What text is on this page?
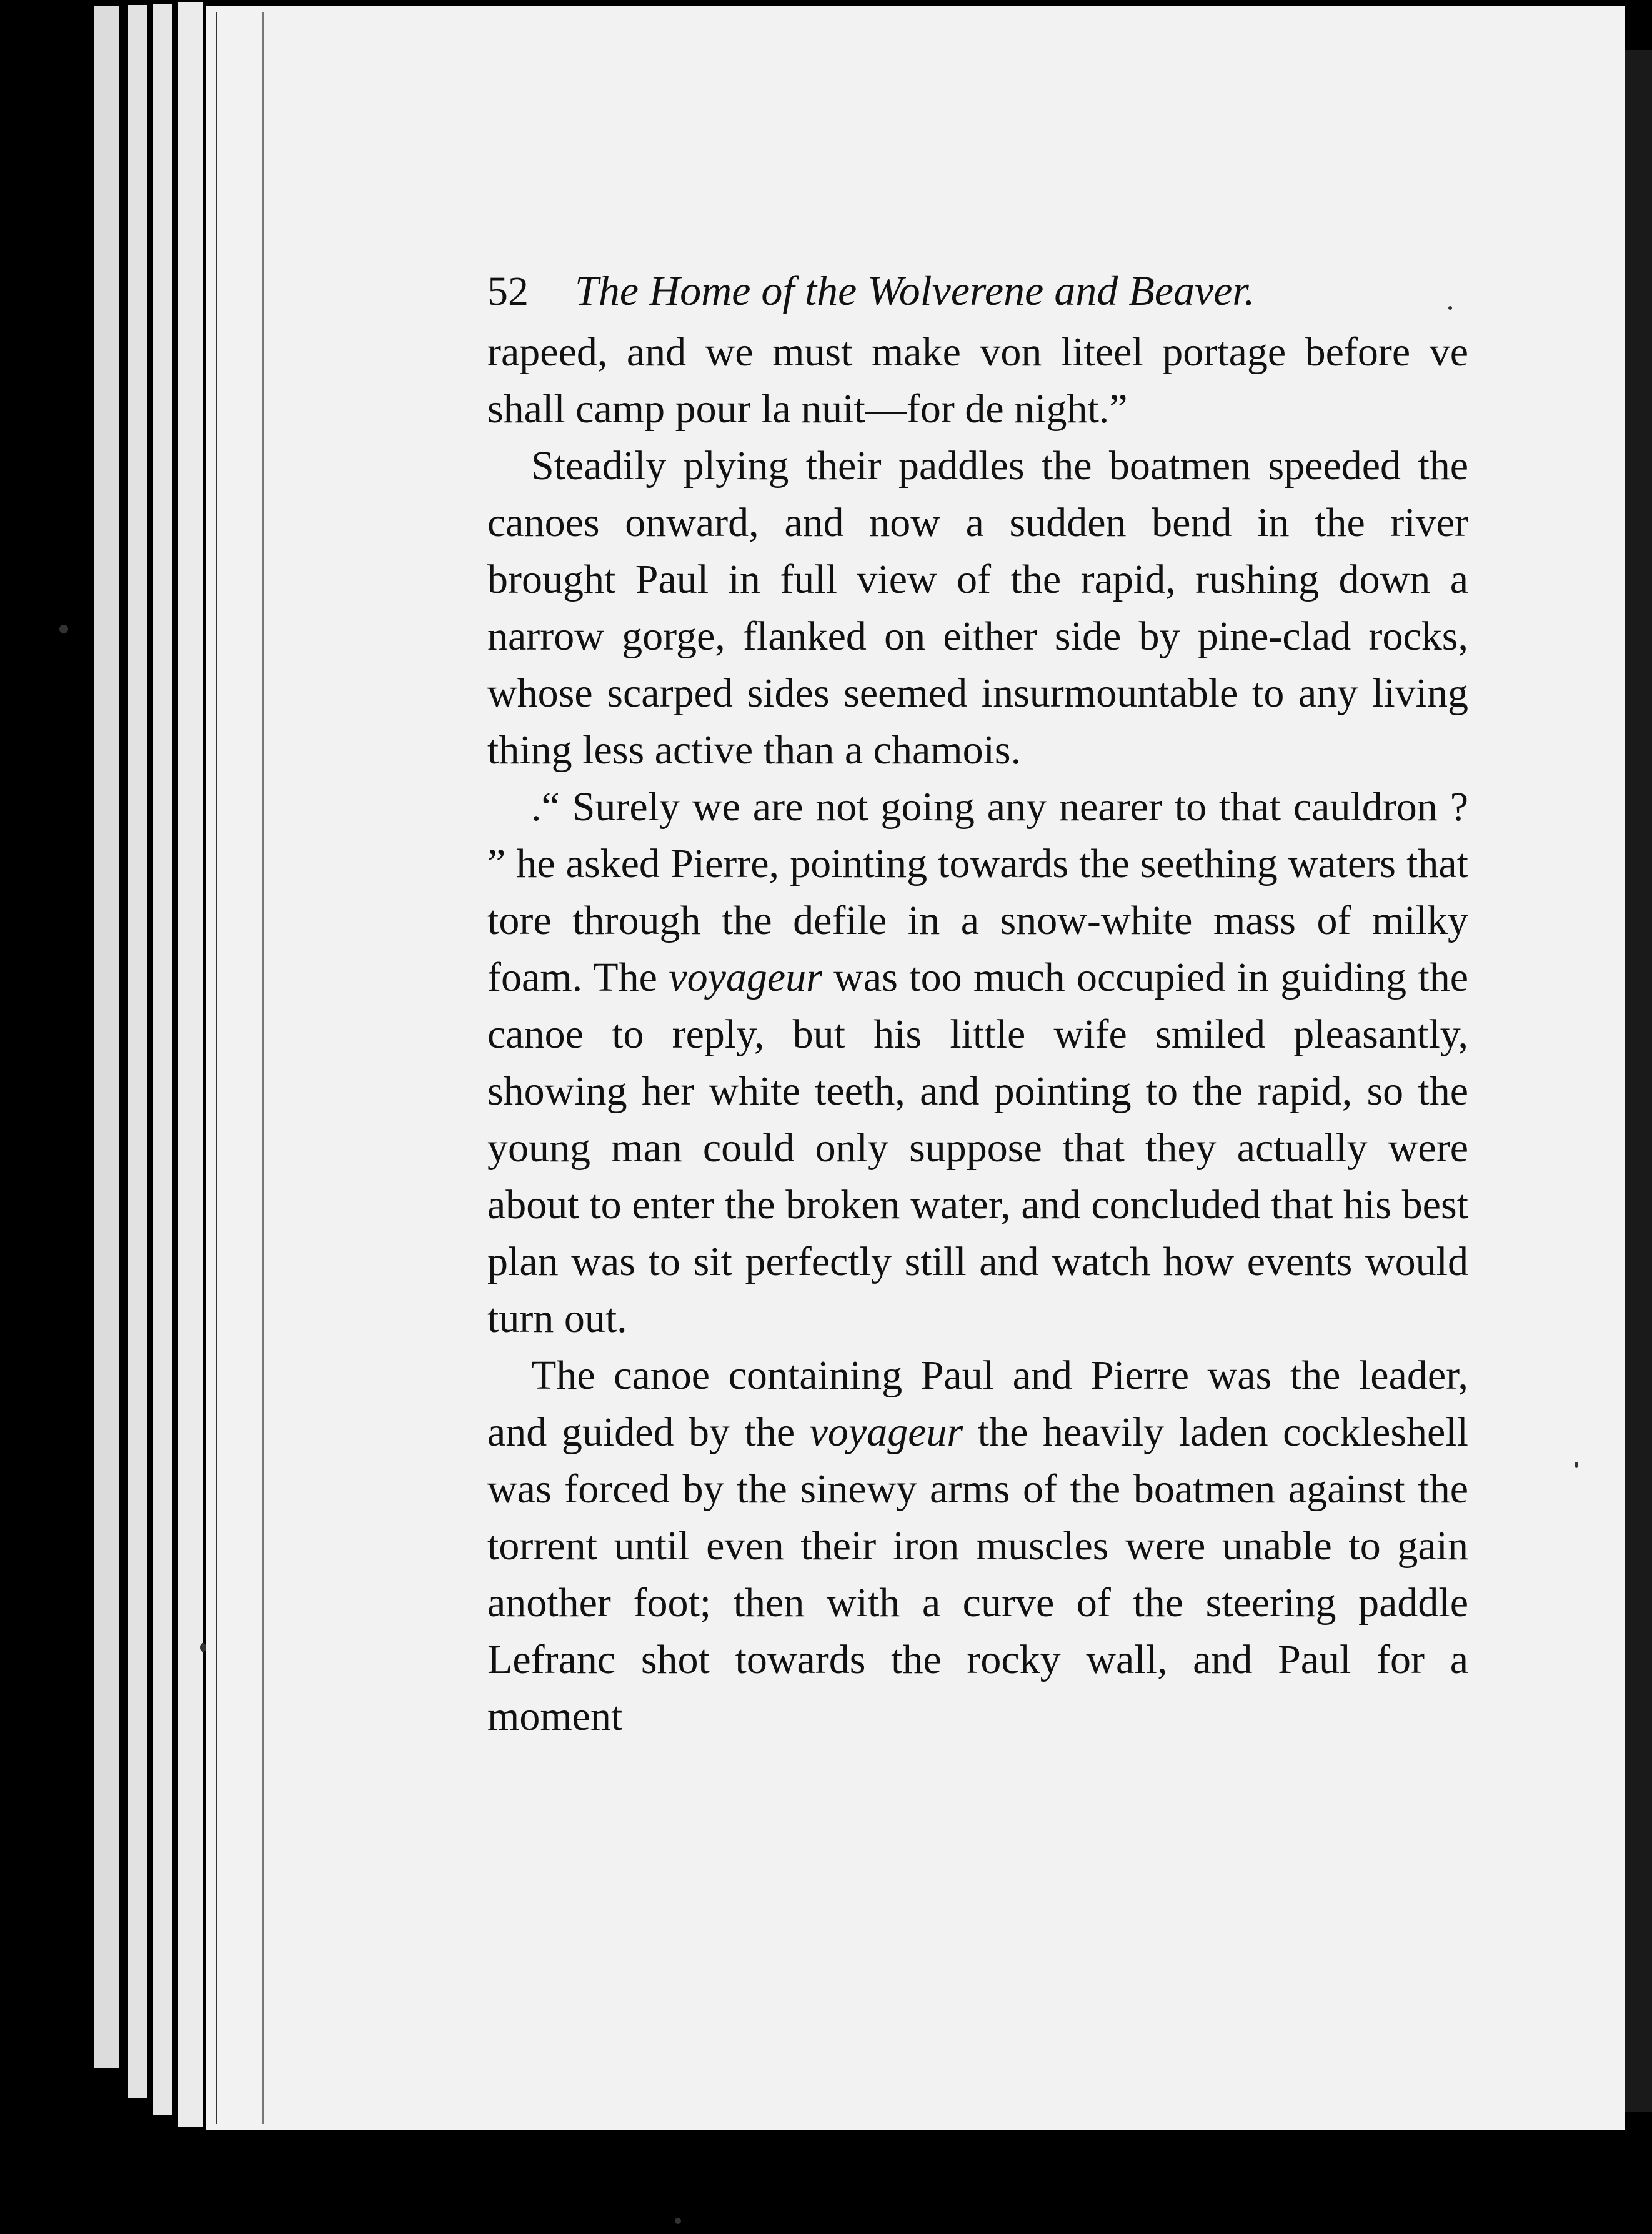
52	The Home of the Wolverene and Beaver.

rapeed, and we must make von liteel portage before ve shall camp pour la nuit—for de night.”

Steadily plying their paddles the boatmen speeded the canoes onward, and now a sudden bend in the river brought Paul in full view of the rapid, rushing down a narrow gorge, flanked on either side by pine-clad rocks, whose scarped sides seemed insurmountable to any living thing less active than a chamois.

.“ Surely we are not going any nearer to that cauldron ? ” he asked Pierre, pointing towards the seething waters that tore through the defile in a snow-white mass of milky foam. The voyageur was too much occupied in guiding the canoe to reply, but his little wife smiled pleasantly, showing her white teeth, and pointing to the rapid, so the young man could only suppose that they actually were about to enter the broken water, and concluded that his best plan was to sit perfectly still and watch how events would turn out.

The canoe containing Paul and Pierre was the leader, and guided by the voyageur the heavily laden cockleshell was forced by the sinewy arms of the boatmen against the torrent until even their iron muscles were unable to gain another foot; then with a curve of the steering paddle Lefranc shot towards the rocky wall, and Paul for a moment
